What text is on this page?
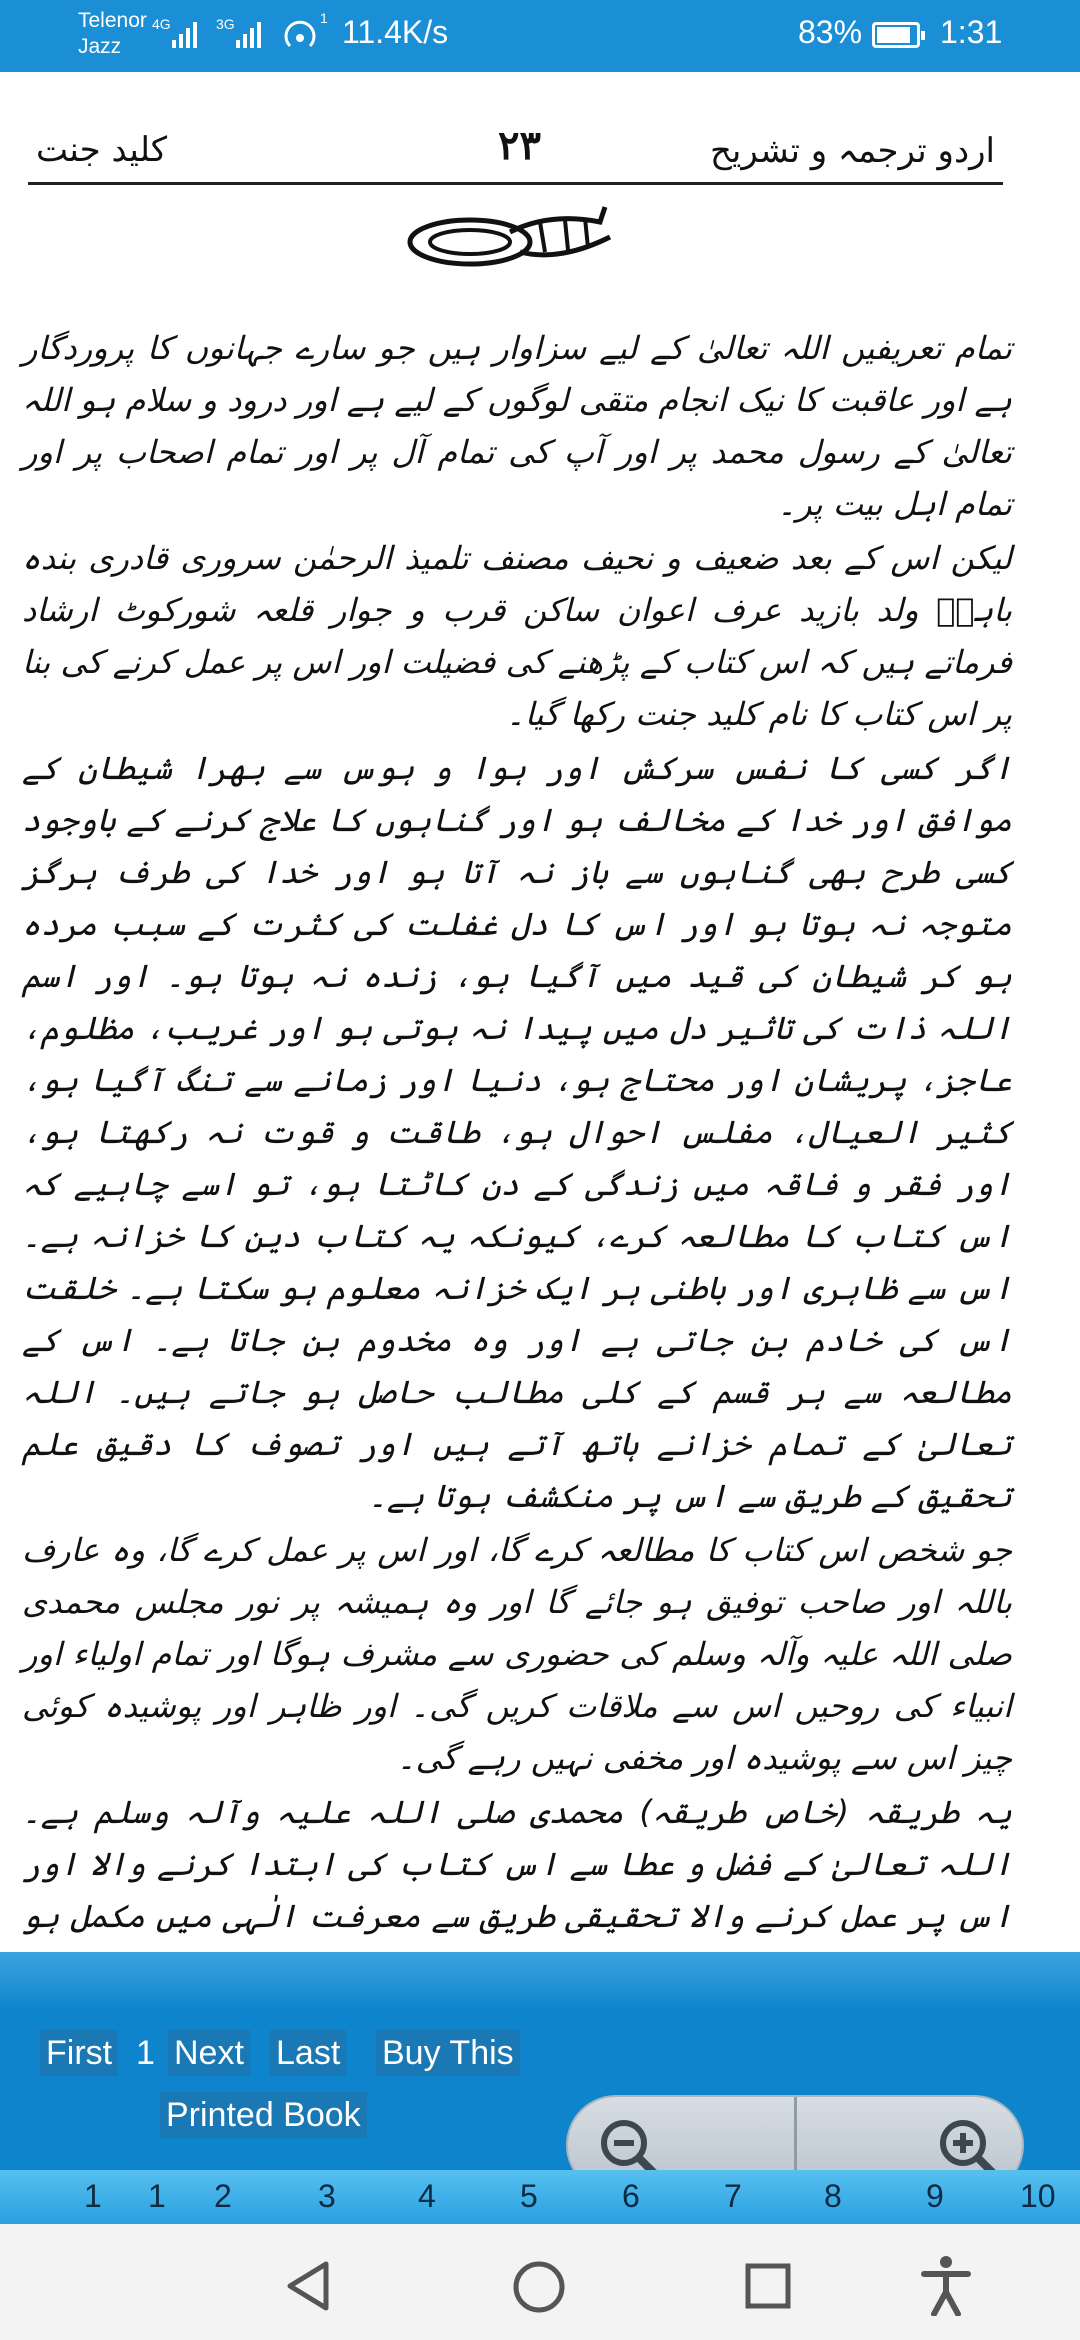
Telenor
Jazz
4G	3G	1 11.4K/s	83% 1:31
کلید جنت	۲۳	اردو ترجمہ و تشریح

تمام تعریفیں اللہ تعالیٰ کے لیے سزاوار ہیں جو سارے جہانوں کا پروردگار ہے اور عاقبت کا نیک انجام متقی لوگوں کے لیے ہے اور درود و سلام ہو اللہ تعالیٰ کے رسول محمد پر اور آپ کی تمام آل پر اور تمام اصحاب پر اور تمام اہل بیت پر۔

لیکن اس کے بعد ضعیف و نحیف مصنف تلمیذ الرحمٰن سروری قادری بندہ باہوؒ ولد بازید عرف اعوان ساکن قرب و جوار قلعہ شورکوٹ ارشاد فرماتے ہیں کہ اس کتاب کے پڑھنے کی فضیلت اور اس پر عمل کرنے کی بنا پر اس کتاب کا نام کلید جنت رکھا گیا۔

اگر کسی کا نفس سرکش اور ہوا و ہوس سے بھرا شیطان کے موافق اور خدا کے مخالف ہو اور گناہوں کا علاج کرنے کے باوجود کسی طرح بھی گناہوں سے باز نہ آتا ہو اور خدا کی طرف ہرگز متوجہ نہ ہوتا ہو اور اس کا دل غفلت کی کثرت کے سبب مردہ ہو کر شیطان کی قید میں آگیا ہو، زندہ نہ ہوتا ہو۔ اور اسم اللہ ذات کی تاثیر دل میں پیدا نہ ہوتی ہو اور غریب، مظلوم، عاجز، پریشان اور محتاج ہو، دنیا اور زمانے سے تنگ آگیا ہو، کثیر العیال، مفلس احوال ہو، طاقت و قوت نہ رکھتا ہو، اور فقر و فاقہ میں زندگی کے دن کاٹتا ہو، تو اسے چاہیے کہ اس کتاب کا مطالعہ کرے، کیونکہ یہ کتاب دین کا خزانہ ہے۔ اس سے ظاہری اور باطنی ہر ایک خزانہ معلوم ہو سکتا ہے۔ خلقت اس کی خادم بن جاتی ہے اور وہ مخدوم بن جاتا ہے۔ اس کے مطالعہ سے ہر قسم کے کلی مطالب حاصل ہو جاتے ہیں۔ اللہ تعالیٰ کے تمام خزانے ہاتھ آتے ہیں اور تصوف کا دقیق علم تحقیق کے طریق سے اس پر منکشف ہوتا ہے۔

جو شخص اس کتاب کا مطالعہ کرے گا، اور اس پر عمل کرے گا، وہ عارف باللہ اور صاحب توفیق ہو جائے گا اور وہ ہمیشہ پر نور مجلس محمدی صلی اللہ علیہ وآلہ وسلم کی حضوری سے مشرف ہوگا اور تمام اولیاء اور انبیاء کی روحیں اس سے ملاقات کریں گی۔ اور ظاہر اور پوشیدہ کوئی چیز اس سے پوشیدہ اور مخفی نہیں رہے گی۔

یہ طریقہ (خاص طریقہ) محمدی صلی اللہ علیہ وآلہ وسلم ہے۔ اللہ تعالیٰ کے فضل و عطا سے اس کتاب کی ابتدا کرنے والا اور اس پر عمل کرنے والا تحقیقی طریق سے معرفت الٰہی میں مکمل ہو

First 1 Next Last Buy This
Printed Book
1 1 2	3	4	5	6	7	8	9 10
